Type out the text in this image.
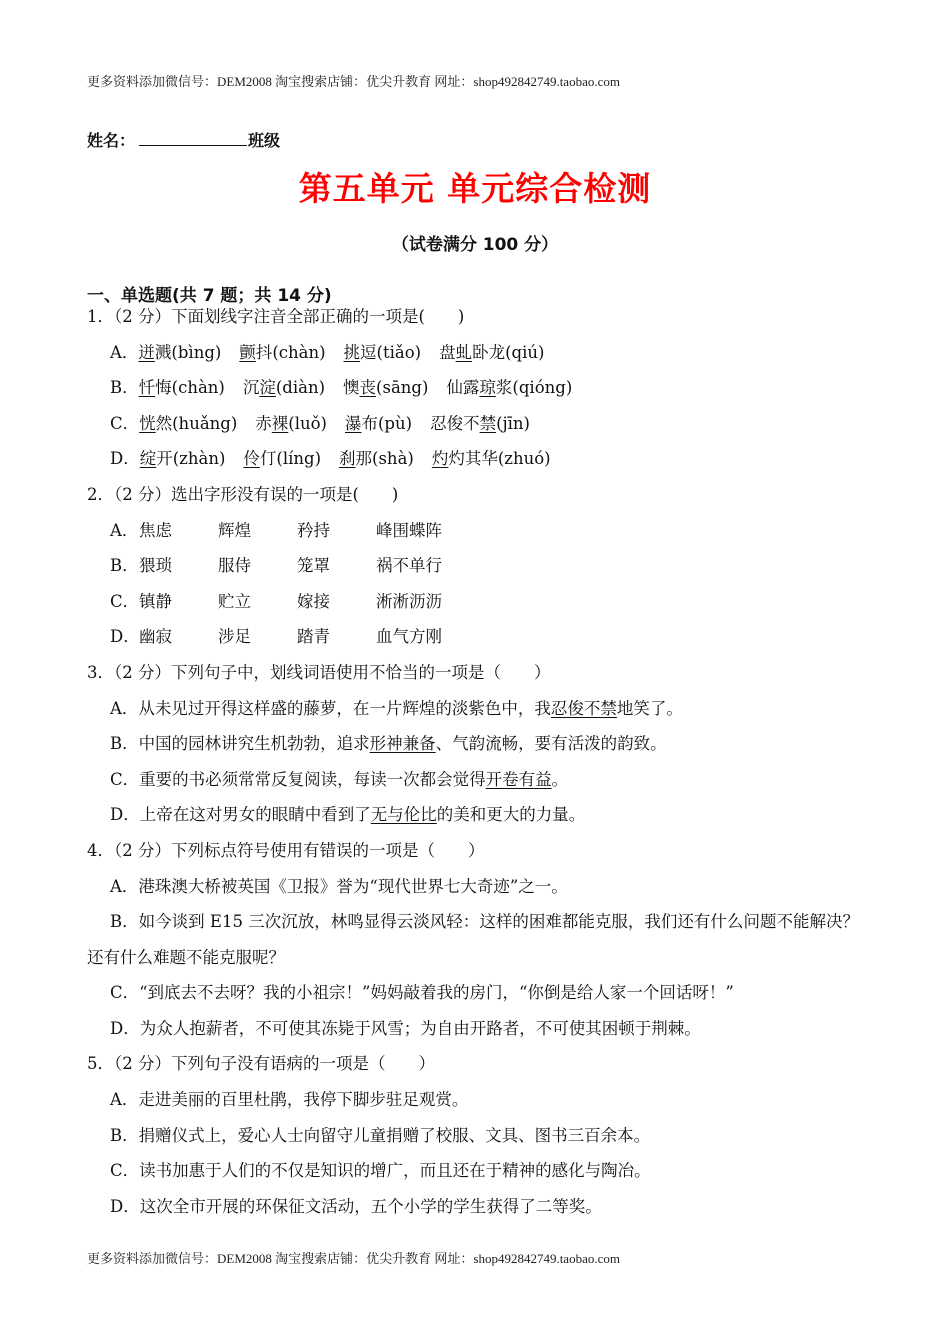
更多资料添加微信号：DEM2008 淘宝搜索店铺：优尖升教育 网址：shop492842749.taobao.com
姓名：	班级
第五单元 单元综合检测
（试卷满分 100 分）
一、单选题(共 7 题；共 14 分)

1．（2 分）下面划线字注音全部正确的一项是(　　)

A．迸溅(bìng) 颤抖(chàn) 挑逗(tiǎo) 盘虬卧龙(qiú)

B．忏悔(chàn) 沉淀(diàn) 懊丧(sāng) 仙露琼浆(qióng)

C．恍然(huǎng) 赤裸(luǒ) 瀑布(pù) 忍俊不禁(jīn)

D．绽开(zhàn) 伶仃(líng) 刹那(shà) 灼灼其华(zhuó)

2．（2 分）选出字形没有误的一项是(　　)

A．焦虑	辉煌	矜持	峰围蝶阵

B．猥琐	服侍	笼罩	祸不单行

C．镇静	贮立	嫁接	淅淅沥沥

D．幽寂	涉足	踏青	血气方刚

3．（2 分）下列句子中，划线词语使用不恰当的一项是（　　）

A．从未见过开得这样盛的藤萝，在一片辉煌的淡紫色中，我忍俊不禁地笑了。

B．中国的园林讲究生机勃勃，追求形神兼备、气韵流畅，要有活泼的韵致。

C．重要的书必须常常反复阅读，每读一次都会觉得开卷有益。

D．上帝在这对男女的眼睛中看到了无与伦比的美和更大的力量。

4．（2 分）下列标点符号使用有错误的一项是（　　）

A．港珠澳大桥被英国《卫报》誉为“现代世界七大奇迹”之一。

B．如今谈到 E15 三次沉放，林鸣显得云淡风轻：这样的困难都能克服，我们还有什么问题不能解决？还有什么难题不能克服呢？

C．“到底去不去呀？我的小祖宗！”妈妈敲着我的房门，“你倒是给人家一个回话呀！”

D．为众人抱薪者，不可使其冻毙于风雪；为自由开路者，不可使其困顿于荆棘。

5．（2 分）下列句子没有语病的一项是（　　）

A．走进美丽的百里杜鹃，我停下脚步驻足观赏。

B．捐赠仪式上，爱心人士向留守儿童捐赠了校服、文具、图书三百余本。

C．读书加惠于人们的不仅是知识的增广，而且还在于精神的感化与陶冶。

D．这次全市开展的环保征文活动，五个小学的学生获得了二等奖。

更多资料添加微信号：DEM2008 淘宝搜索店铺：优尖升教育 网址：shop492842749.taobao.com
